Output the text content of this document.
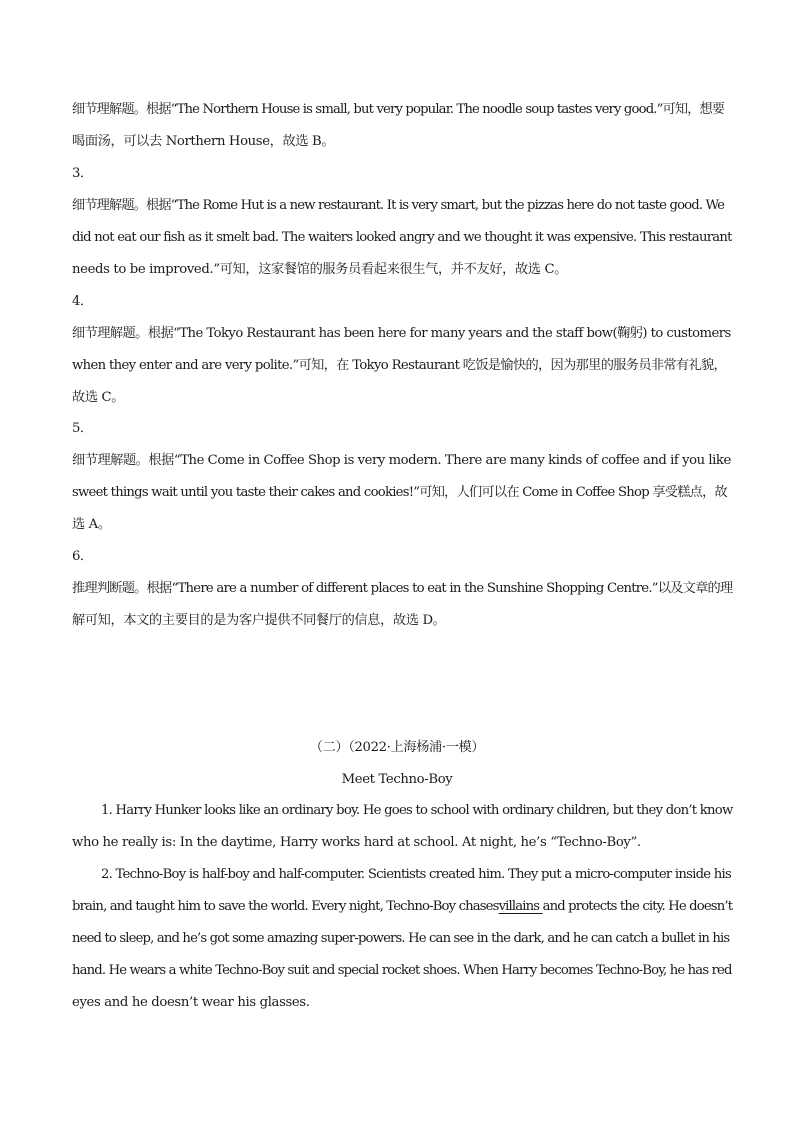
细节理解题。根据“The Northern House is small, but very popular. The noodle soup tastes very good.”可知，想要
喝面汤，可以去 Northern House，故选 B。
3．
细节理解题。根据“The Rome Hut is a new restaurant. It is very smart, but the pizzas here do not taste good. We
did not eat our fish as it smelt bad. The waiters looked angry and we thought it was expensive. This restaurant
needs to be improved.”可知，这家餐馆的服务员看起来很生气，并不友好，故选 C。
4．
细节理解题。根据“The Tokyo Restaurant has been here for many years and the staff bow(鞠躬) to customers
when they enter and are very polite.”可知，在 Tokyo Restaurant 吃饭是愉快的，因为那里的服务员非常有礼貌，
故选 C。
5．
细节理解题。根据“The Come in Coffee Shop is very modern. There are many kinds of coffee and if you like
sweet things wait until you taste their cakes and cookies!”可知，人们可以在 Come in Coffee Shop 享受糕点，故
选 A。
6．
推理判断题。根据“There are a number of different places to eat in the Sunshine Shopping Centre.”以及文章的理
解可知，本文的主要目的是为客户提供不同餐厅的信息，故选 D。
（二）（2022·上海杨浦·一模）
Meet Techno-Boy
1. Harry Hunker looks like an ordinary boy. He goes to school with ordinary children, but they don’t know
who he really is: In the daytime, Harry works hard at school. At night, he’s “Techno-Boy”.
2. Techno-Boy is half-boy and half-computer. Scientists created him. They put a micro-computer inside his
brain, and taught him to save the world. Every night, Techno-Boy chasesvillains and protects the city. He doesn’t
need to sleep, and he’s got some amazing super-powers. He can see in the dark, and he can catch a bullet in his
hand. He wears a white Techno-Boy suit and special rocket shoes. When Harry becomes Techno-Boy, he has red
eyes and he doesn’t wear his glasses.
